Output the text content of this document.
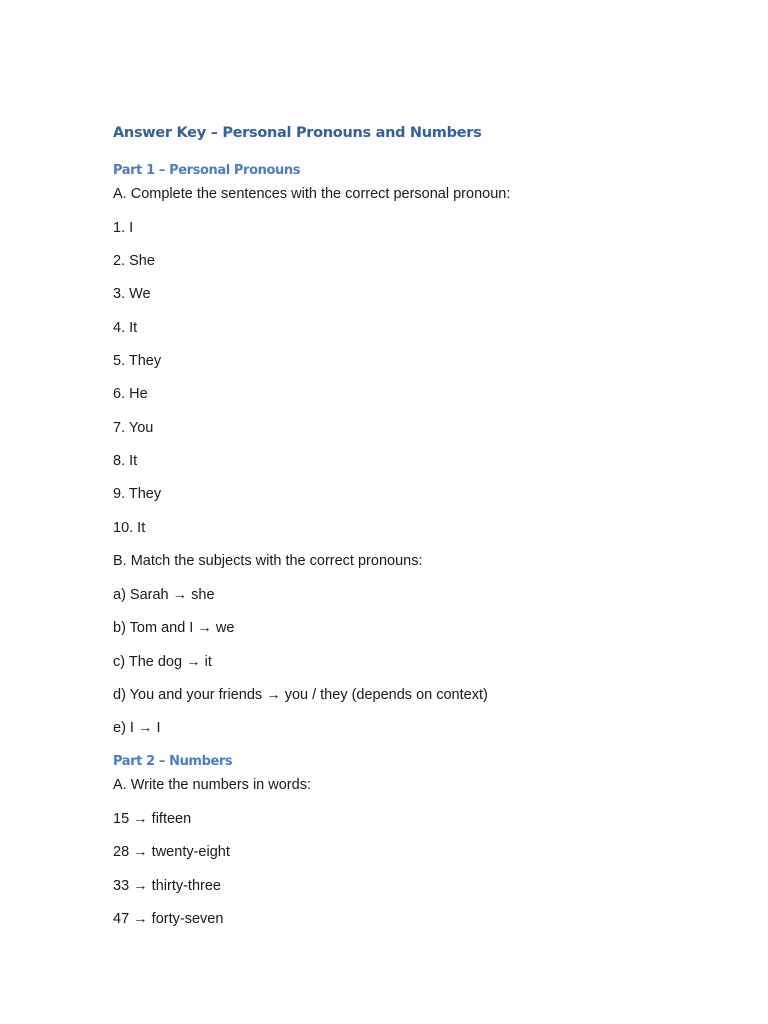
Answer Key – Personal Pronouns and Numbers
Part 1 – Personal Pronouns
A. Complete the sentences with the correct personal pronoun:
1. I
2. She
3. We
4. It
5. They
6. He
7. You
8. It
9. They
10. It
B. Match the subjects with the correct pronouns:
a) Sarah → she
b) Tom and I → we
c) The dog → it
d) You and your friends → you / they (depends on context)
e) I → I
Part 2 – Numbers
A. Write the numbers in words:
15 → fifteen
28 → twenty-eight
33 → thirty-three
47 → forty-seven
